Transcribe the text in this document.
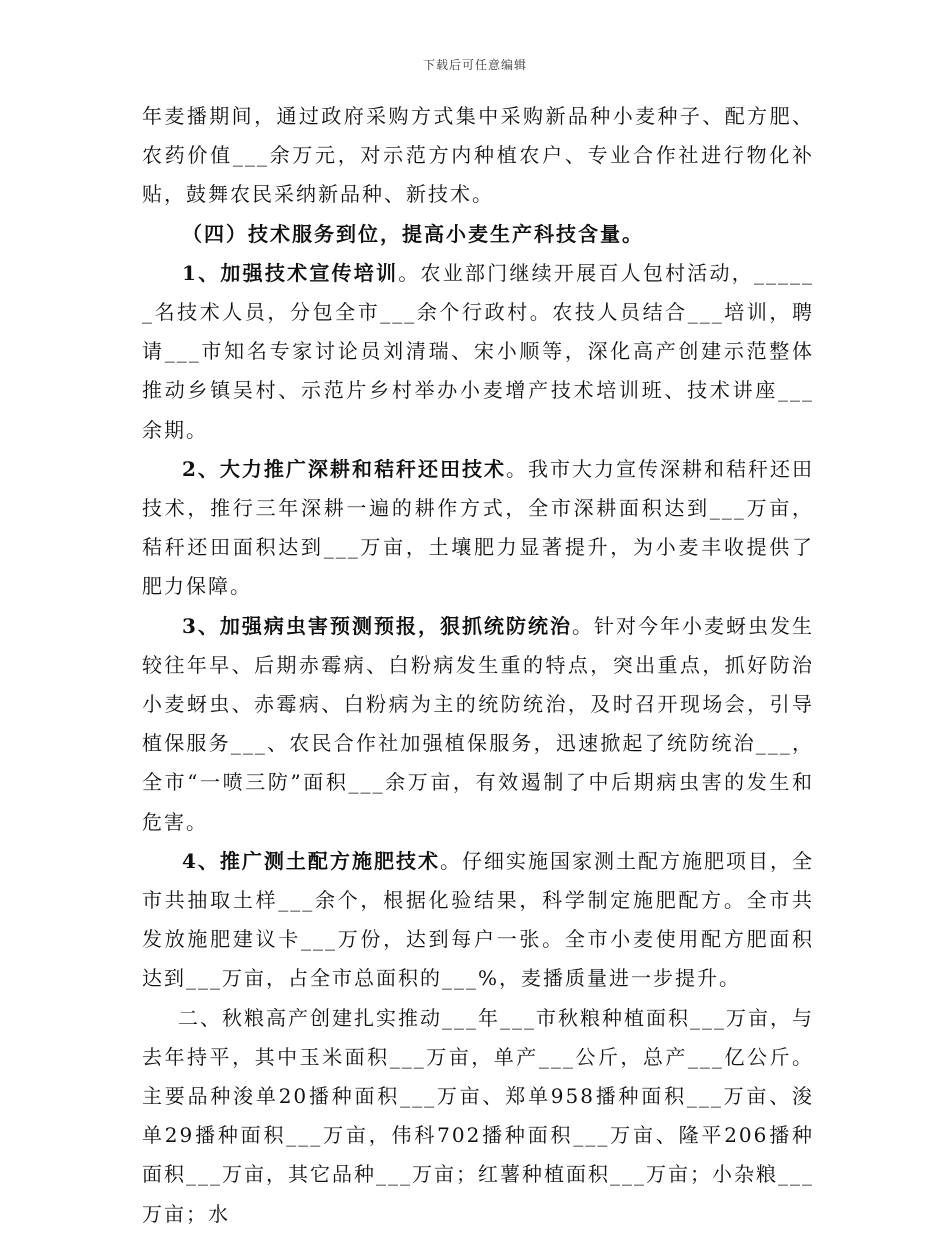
下载后可任意编辑

年麦播期间，通过政府采购方式集中采购新品种小麦种子、配方肥、农药价值___余万元，对示范方内种植农户、专业合作社进行物化补贴，鼓舞农民采纳新品种、新技术。

（四）技术服务到位，提高小麦生产科技含量。

1、加强技术宣传培训。农业部门继续开展百人包村活动，______名技术人员，分包全市___余个行政村。农技人员结合___培训，聘请___市知名专家讨论员刘清瑞、宋小顺等，深化高产创建示范整体推动乡镇吴村、示范片乡村举办小麦增产技术培训班、技术讲座___余期。

2、大力推广深耕和秸秆还田技术。我市大力宣传深耕和秸秆还田技术，推行三年深耕一遍的耕作方式，全市深耕面积达到___万亩，秸秆还田面积达到___万亩，土壤肥力显著提升，为小麦丰收提供了肥力保障。

3、加强病虫害预测预报，狠抓统防统治。针对今年小麦蚜虫发生较往年早、后期赤霉病、白粉病发生重的特点，突出重点，抓好防治小麦蚜虫、赤霉病、白粉病为主的统防统治，及时召开现场会，引导植保服务___、农民合作社加强植保服务，迅速掀起了统防统治___，全市“一喷三防”面积___余万亩，有效遏制了中后期病虫害的发生和危害。

4、推广测土配方施肥技术。仔细实施国家测土配方施肥项目，全市共抽取土样___余个，根据化验结果，科学制定施肥配方。全市共发放施肥建议卡___万份，达到每户一张。全市小麦使用配方肥面积达到___万亩，占全市总面积的___%，麦播质量进一步提升。

二、秋粮高产创建扎实推动___年___市秋粮种植面积___万亩，与去年持平，其中玉米面积___万亩，单产___公斤，总产___亿公斤。主要品种浚单20播种面积___万亩、郑单958播种面积___万亩、浚单29播种面积___万亩，伟科702播种面积___万亩、隆平206播种面积___万亩，其它品种___万亩；红薯种植面积___万亩；小杂粮___万亩；水
